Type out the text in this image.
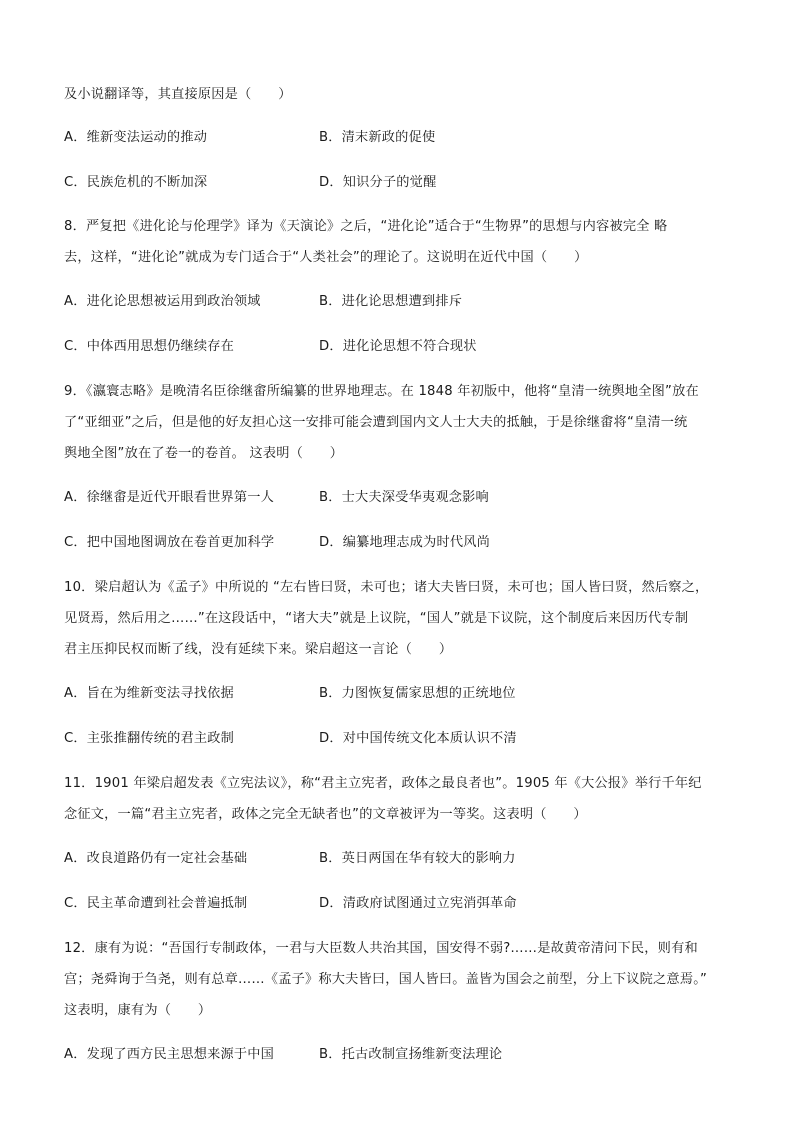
及小说翻译等，其直接原因是（　　）
A．维新变法运动的推动	B．清末新政的促使
C．民族危机的不断加深	D．知识分子的觉醒
8．严复把《进化论与伦理学》译为《天演论》之后，“进化论”适合于“生物界”的思想与内容被完全 略
去，这样，“进化论”就成为专门适合于“人类社会”的理论了。这说明在近代中国（　　）
A．进化论思想被运用到政治领域	B．进化论思想遭到排斥
C．中体西用思想仍继续存在	D．进化论思想不符合现状
9．《瀛寰志略》是晚清名臣徐继畬所编纂的世界地理志。在 1848 年初版中，他将“皇清一统舆地全图”放在
了“亚细亚”之后，但是他的好友担心这一安排可能会遭到国内文人士大夫的抵触，于是徐继畬将“皇清一统
舆地全图”放在了卷一的卷首。 这表明（　　）
A．徐继畬是近代开眼看世界第一人	B．士大夫深受华夷观念影响
C．把中国地图调放在卷首更加科学	D．编纂地理志成为时代风尚
10．梁启超认为《孟子》中所说的 “左右皆曰贤，未可也；诸大夫皆曰贤，未可也；国人皆曰贤，然后察之，
见贤焉，然后用之……”在这段话中，“诸大夫”就是上议院，“国人”就是下议院，这个制度后来因历代专制
君主压抑民权而断了线，没有延续下来。梁启超这一言论（　　）
A．旨在为维新变法寻找依据	B．力图恢复儒家思想的正统地位
C．主张推翻传统的君主政制	D．对中国传统文化本质认识不清
11．1901 年梁启超发表《立宪法议》，称“君主立宪者，政体之最良者也”。1905 年《大公报》举行千年纪
念征文，一篇“君主立宪者，政体之完全无缺者也”的文章被评为一等奖。这表明（　　）
A．改良道路仍有一定社会基础	B．英日两国在华有较大的影响力
C．民主革命遭到社会普遍抵制	D．清政府试图通过立宪消弭革命
12．康有为说：“吾国行专制政体，一君与大臣数人共治其国，国安得不弱?……是故黄帝清问下民，则有和
宫；尧舜询于刍尧，则有总章……《孟子》称大夫皆曰，国人皆曰。盖皆为国会之前型，分上下议院之意焉。”
这表明，康有为（　　）
A．发现了西方民主思想来源于中国	B．托古改制宣扬维新变法理论
